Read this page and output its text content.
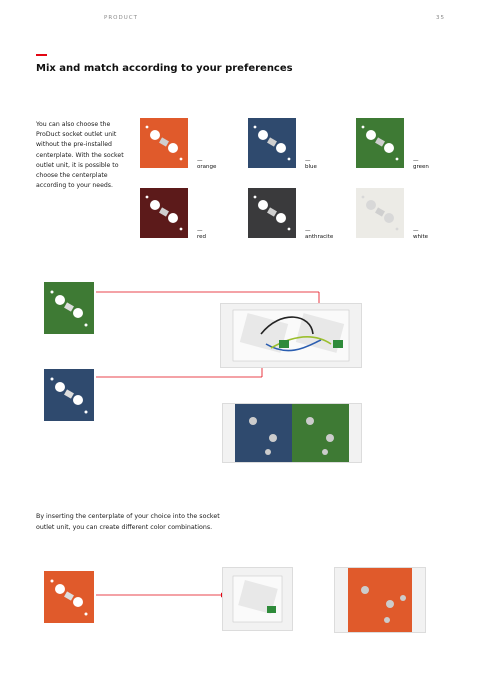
PRODUCT	35
Mix and match according to your preferences
You can also choose the ProDuct socket outlet unit without the pre-installed centerplate. With the socket outlet unit, it is possible to choose the centerplate according to your needs.
—
orange
—
blue
—
green
—
red
—
anthracite
—
white
By inserting the centerplate of your choice into the socket outlet unit, you can create different color combinations.
